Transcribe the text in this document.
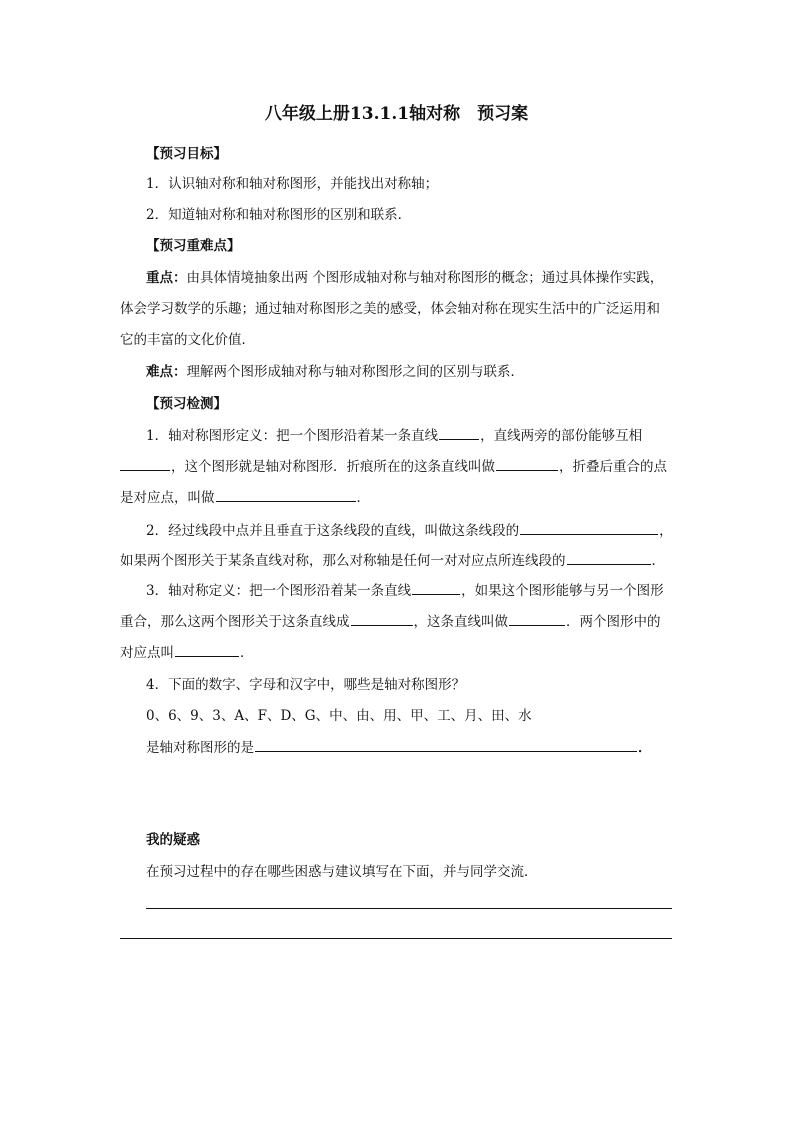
八年级上册13.1.1轴对称　预习案
【预习目标】
1．认识轴对称和轴对称图形，并能找出对称轴；
2．知道轴对称和轴对称图形的区别和联系．
【预习重难点】
重点：由具体情境抽象出两 个图形成轴对称与轴对称图形的概念；通过具体操作实践，
体会学习数学的乐趣；通过轴对称图形之美的感受，体会轴对称在现实生活中的广泛运用和
它的丰富的文化价值．
难点：理解两个图形成轴对称与轴对称图形之间的区别与联系．
【预习检测】
1．轴对称图形定义：把一个图形沿着某一条直线	，直线两旁的部份能够互相
，这个图形就是轴对称图形．折痕所在的这条直线叫做	，折叠后重合的点
是对应点，叫做	．
2．经过线段中点并且垂直于这条线段的直线，叫做这条线段的	，
如果两个图形关于某条直线对称，那么对称轴是任何一对对应点所连线段的	．
3．轴对称定义：把一个图形沿着某一条直线	，如果这个图形能够与另一个图形
重合，那么这两个图形关于这条直线成	，这条直线叫做	．两个图形中的
对应点叫	．
4．下面的数字、字母和汉字中，哪些是轴对称图形？
0、6、9、3、A、F、D、G、中、由、用、甲、工、月、田、水
是轴对称图形的是	．
我的疑惑
在预习过程中的存在哪些困惑与建议填写在下面，并与同学交流．
